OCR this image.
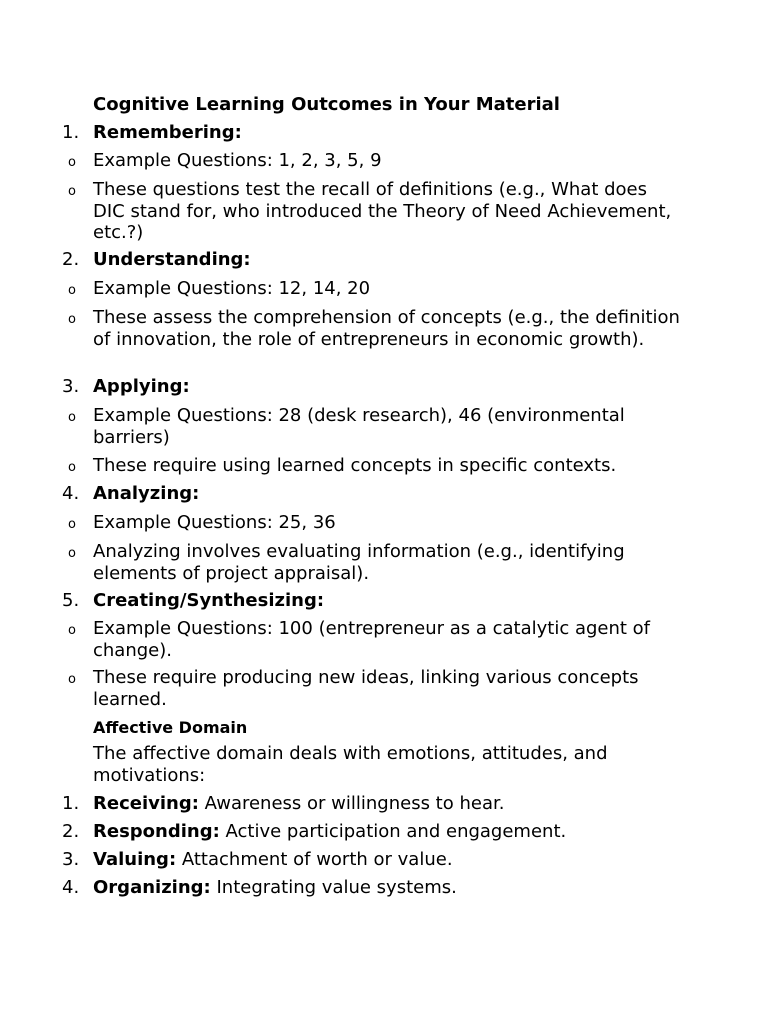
Cognitive Learning Outcomes in Your Material
1. Remembering:
o Example Questions: 1, 2, 3, 5, 9
o These questions test the recall of definitions (e.g., What does DIC stand for, who introduced the Theory of Need Achievement, etc.?)
2. Understanding:
o Example Questions: 12, 14, 20
o These assess the comprehension of concepts (e.g., the definition of innovation, the role of entrepreneurs in economic growth).
3. Applying:
o Example Questions: 28 (desk research), 46 (environmental barriers)
o These require using learned concepts in specific contexts.
4. Analyzing:
o Example Questions: 25, 36
o Analyzing involves evaluating information (e.g., identifying elements of project appraisal).
5. Creating/Synthesizing:
o Example Questions: 100 (entrepreneur as a catalytic agent of change).
o These require producing new ideas, linking various concepts learned.
Affective Domain
The affective domain deals with emotions, attitudes, and motivations:
1. Receiving: Awareness or willingness to hear.
2. Responding: Active participation and engagement.
3. Valuing: Attachment of worth or value.
4. Organizing: Integrating value systems.
